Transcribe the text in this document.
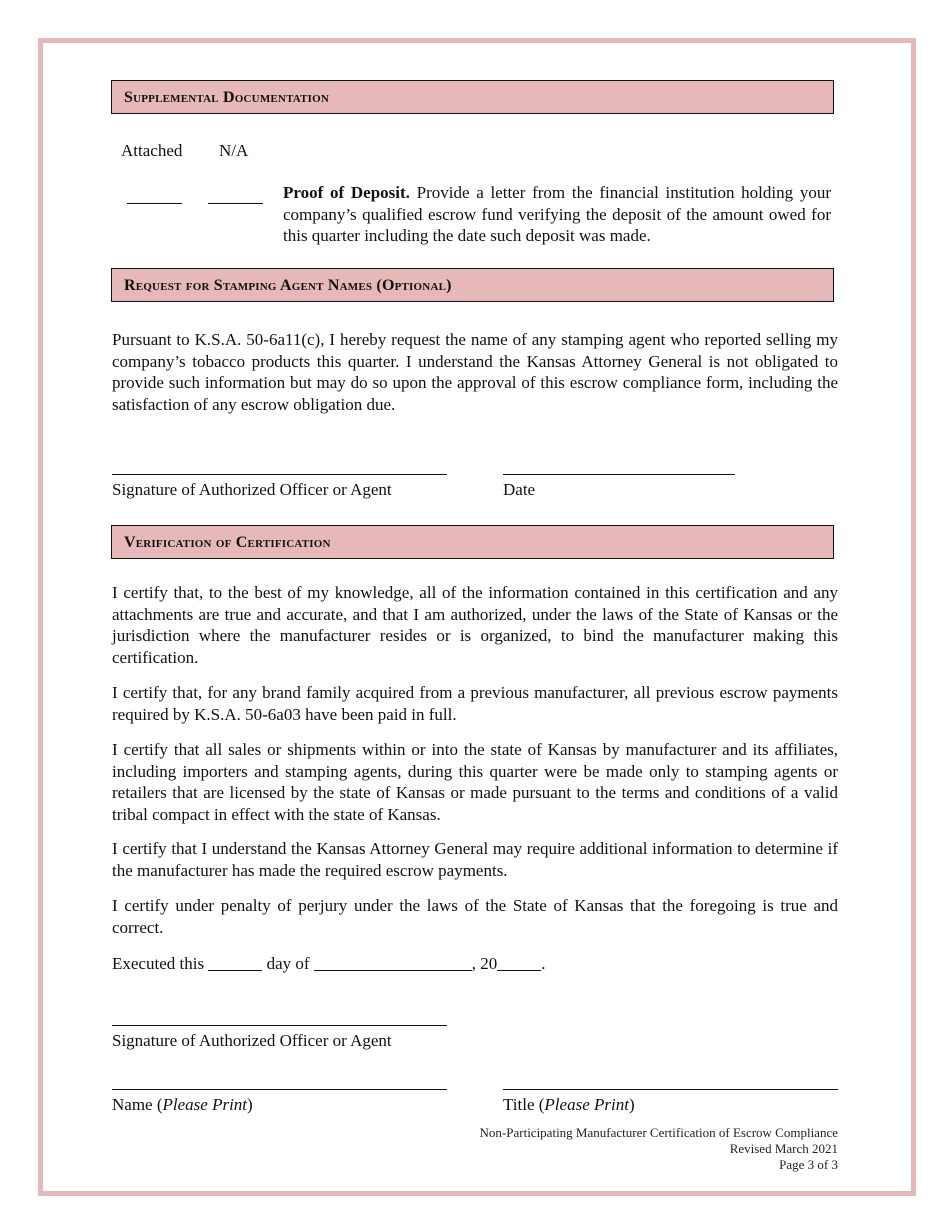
Supplemental Documentation
Attached N/A

Proof of Deposit. Provide a letter from the financial institution holding your company’s qualified escrow fund verifying the deposit of the amount owed for this quarter including the date such deposit was made.

Request for Stamping Agent Names (Optional)

Pursuant to K.S.A. 50-6a11(c), I hereby request the name of any stamping agent who reported selling my company’s tobacco products this quarter. I understand the Kansas Attorney General is not obligated to provide such information but may do so upon the approval of this escrow compliance form, including the satisfaction of any escrow obligation due.

Signature of Authorized Officer or Agent	Date
Verification of Certification

I certify that, to the best of my knowledge, all of the information contained in this certification and any attachments are true and accurate, and that I am authorized, under the laws of the State of Kansas or the jurisdiction where the manufacturer resides or is organized, to bind the manufacturer making this certification.

I certify that, for any brand family acquired from a previous manufacturer, all previous escrow payments required by K.S.A. 50-6a03 have been paid in full.

I certify that all sales or shipments within or into the state of Kansas by manufacturer and its affiliates, including importers and stamping agents, during this quarter were be made only to stamping agents or retailers that are licensed by the state of Kansas or made pursuant to the terms and conditions of a valid tribal compact in effect with the state of Kansas.

I certify that I understand the Kansas Attorney General may require additional information to determine if the manufacturer has made the required escrow payments.

I certify under penalty of perjury under the laws of the State of Kansas that the foregoing is true and correct.

Executed this	day of	, 20	.
Signature of Authorized Officer or Agent
Name (Please Print)	Title (Please Print)
Non-Participating Manufacturer Certification of Escrow Compliance
Revised March 2021
Page 3 of 3
